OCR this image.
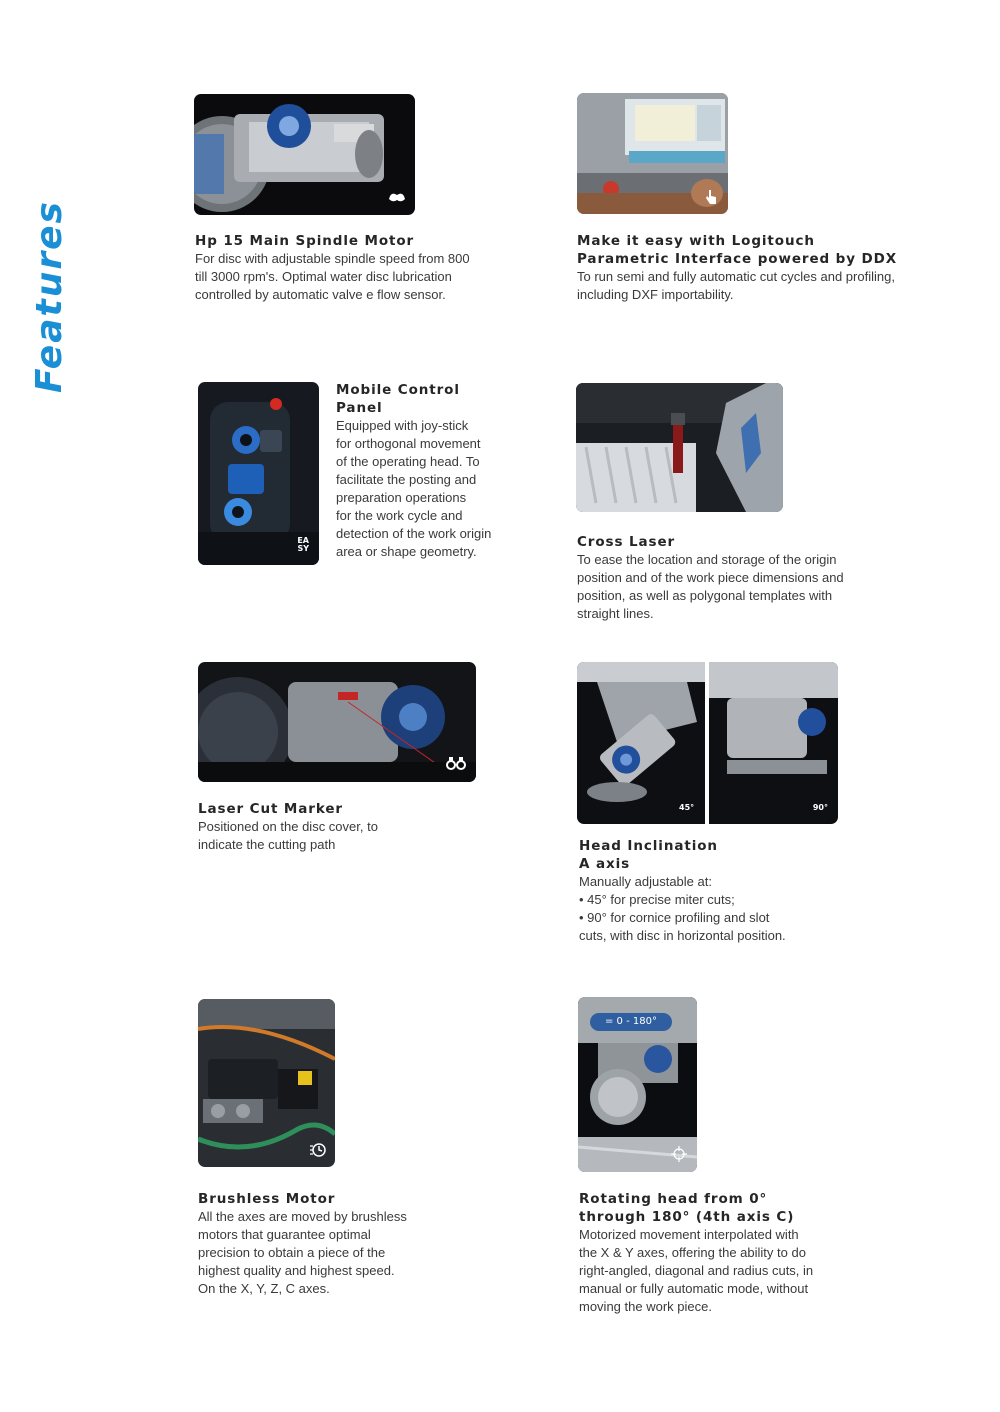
Features	Hp 15 Main Spindle Motor

For disc with adjustable spindle speed from 800
till 3000 rpm's. Optimal water disc lubrication
controlled by automatic valve e flow sensor.

Make it easy with Logitouch
Parametric Interface powered by DDX

To run semi and fully automatic cut cycles and profiling,
including DXF importability.

EA
SY
Mobile Control
Panel

Equipped with joy-stick
for orthogonal movement
of the operating head. To
facilitate the posting and
preparation operations
for the work cycle and
detection of the work origin
area or shape geometry.

Cross Laser

To ease the location and storage of the origin
position and of the work piece dimensions and
position, as well as polygonal templates with
straight lines.

Laser Cut Marker

Positioned on the disc cover, to
indicate the cutting path

45°	90°
Head Inclination
A axis

Manually adjustable at:
• 45° for precise miter cuts;
• 90° for cornice profiling and slot
cuts, with disc in horizontal position.

Brushless Motor

All the axes are moved by brushless
motors that guarantee optimal
precision to obtain a piece of the
highest quality and highest speed.
On the X, Y, Z, C axes.

= 0 - 180°
Rotating head from 0°
through 180° (4th axis C)

Motorized movement interpolated with
the X & Y axes, offering the ability to do
right-angled, diagonal and radius cuts, in
manual or fully automatic mode, without
moving the work piece.
